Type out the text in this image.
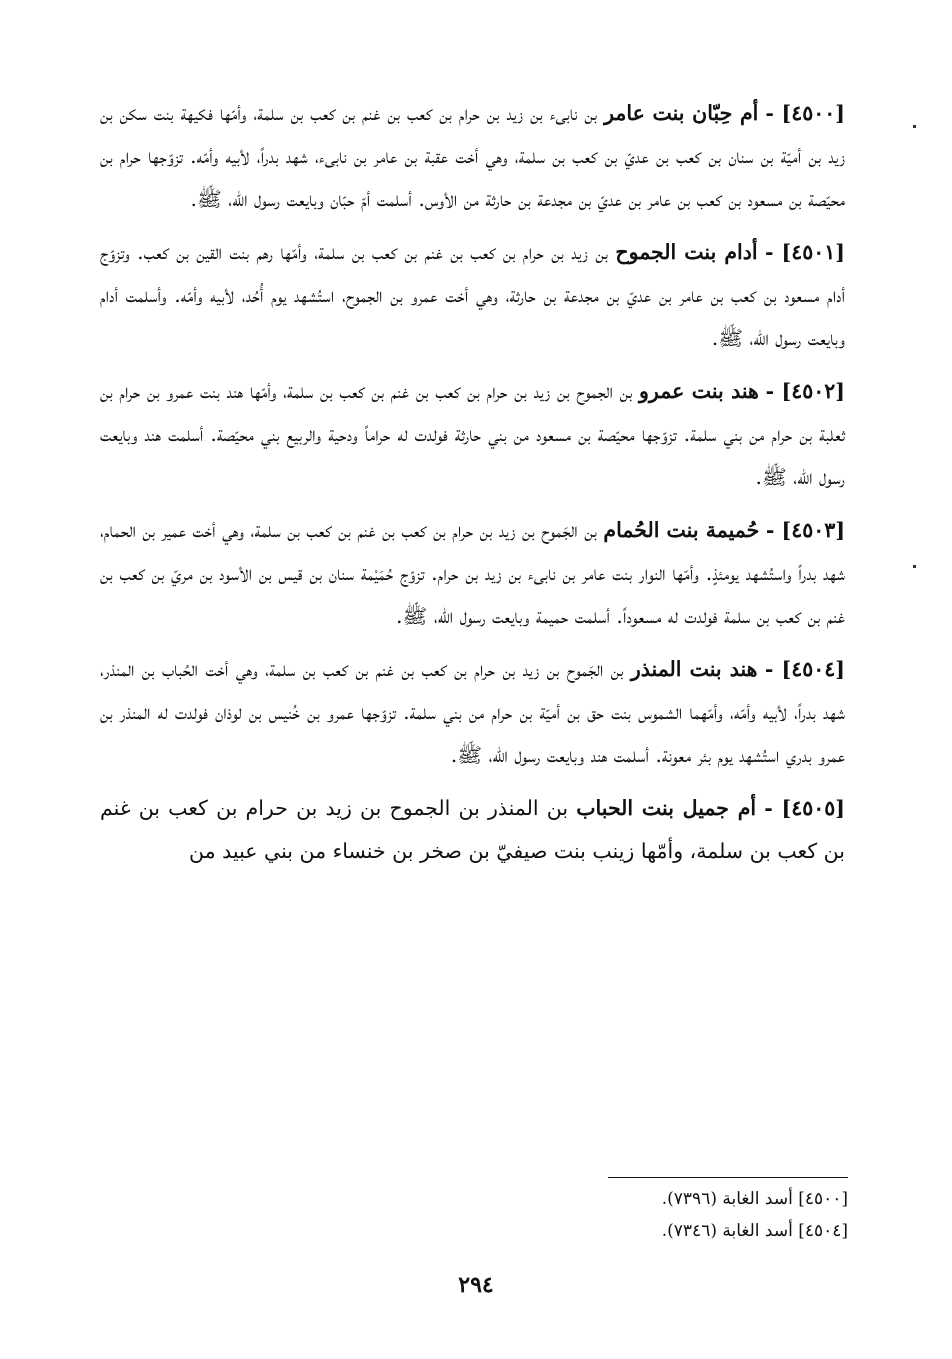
[٤٥٠٠] - أم حِبّان بنت عامر بن نابىء بن زيد بن حرام بن كعب بن غنم بن كعب بن سلمة، وأمّها فكيهة بنت سكن بن زيد بن أميّة بن سنان بن كعب بن عديّ بن كعب بن سلمة، وهي أخت عقبة بن عامر بن نابىء، شهد بدراً، لأبيه وأمّه. تزوّجها حرام بن محيّصة بن مسعود بن كعب بن عامر بن عديّ بن مجدعة بن حارثة من الأوس. أسلمت أمّ حبّان وبايعت رسول الله، ﷺ.

[٤٥٠١] - أدام بنت الجموح بن زيد بن حرام بن كعب بن غنم بن كعب بن سلمة، وأمّها رهم بنت القين بن كعب. وتزوّج أدام مسعود بن كعب بن عامر بن عديّ بن مجدعة بن حارثة، وهي أخت عمرو بن الجموح، استُشهد يوم أُحُد، لأبيه وأمّه. وأسلمت أدام وبايعت رسول الله، ﷺ.

[٤٥٠٢] - هند بنت عمرو بن الجموح بن زيد بن حرام بن كعب بن غنم بن كعب بن سلمة، وأمّها هند بنت عمرو بن حرام بن ثعلبة بن حرام من بني سلمة. تزوّجها محيّصة بن مسعود من بني حارثة فولدت له حراماً ودحية والربيع بني محيّصة. أسلمت هند وبايعت رسول الله، ﷺ.

[٤٥٠٣] - حُميمة بنت الحُمام بن الجَموح بن زيد بن حرام بن كعب بن غنم بن كعب بن سلمة، وهي أخت عمير بن الحمام، شهد بدراً واستُشهد يومئذٍ. وأمّها النوار بنت عامر بن نابىء بن زيد بن حرام. تزوّج حُمَيْمة سنان بن قيس بن الأسود بن مريّ بن كعب بن غنم بن كعب بن سلمة فولدت له مسعوداً. أسلمت حميمة وبايعت رسول الله، ﷺ.

[٤٥٠٤] - هند بنت المنذر بن الجَموح بن زيد بن حرام بن كعب بن غنم بن كعب بن سلمة، وهي أخت الحُباب بن المنذر، شهد بدراً، لأبيه وأمّه، وأمّهما الشموس بنت حق بن أميّة بن حرام من بني سلمة. تزوّجها عمرو بن خُنيس بن لوذان فولدت له المنذر بن عمرو بدري استُشهد يوم بئر معونة. أسلمت هند وبايعت رسول الله، ﷺ.

[٤٥٠٥] - أم جميل بنت الحباب بن المنذر بن الجموح بن زيد بن حرام بن كعب بن غنم بن كعب بن سلمة، وأمّها زينب بنت صيفيّ بن صخر بن خنساء من بني عبيد من

[٤٥٠٠] أسد الغابة (٧٣٩٦).

[٤٥٠٤] أسد الغابة (٧٣٤٦).

٢٩٤
